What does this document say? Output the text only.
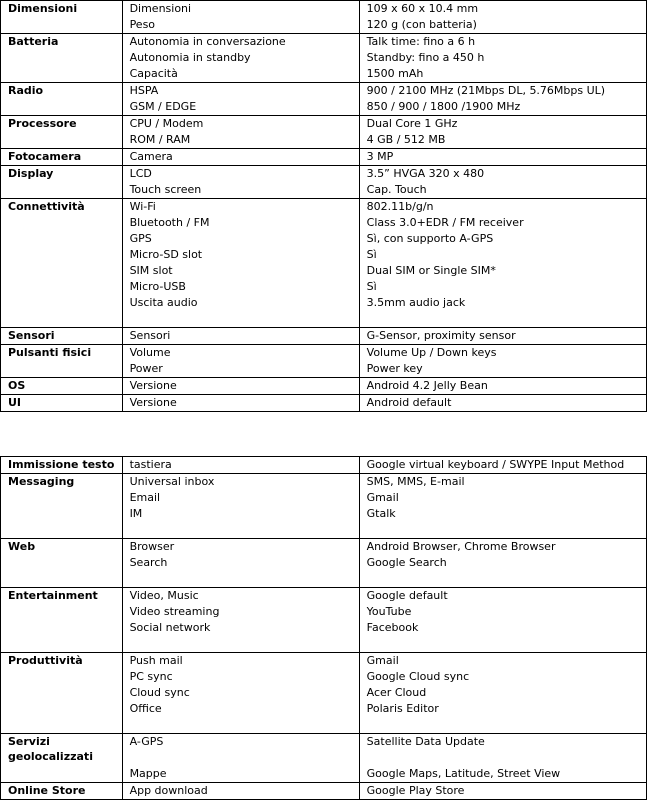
Dimensioni	Dimensioni	109 x 60 x 10.4 mm
	Peso	120 g (con batteria)
Batteria	Autonomia in conversazione	Talk time: fino a 6 h
	Autonomia in standby	Standby: fino a 450 h
	Capacità	1500 mAh
Radio	HSPA	900 / 2100 MHz (21Mbps DL, 5.76Mbps UL)
	GSM / EDGE	850 / 900 / 1800 /1900 MHz
Processore	CPU / Modem	Dual Core 1 GHz
	ROM / RAM	4 GB / 512 MB
Fotocamera	Camera	3 MP
Display	LCD	3.5” HVGA 320 x 480
	Touch screen	Cap. Touch
Connettività	Wi-Fi	802.11b/g/n
	Bluetooth / FM	Class 3.0+EDR / FM receiver
	GPS	Sì, con supporto A-GPS
	Micro-SD slot	Sì
	SIM slot	Dual SIM or Single SIM*
	Micro-USB	Sì
	Uscita audio	3.5mm audio jack

Sensori	Sensori	G-Sensor, proximity sensor
Pulsanti fisici	Volume	Volume Up / Down keys
	Power	Power key
OS	Versione	Android 4.2 Jelly Bean
UI	Versione	Android default
Immissione testo	tastiera	Google virtual keyboard / SWYPE Input Method
Messaging	Universal inbox	SMS, MMS, E-mail
	Email	Gmail
	IM	Gtalk

Web	Browser	Android Browser, Chrome Browser
	Search	Google Search

Entertainment	Video, Music	Google default
	Video streaming	YouTube
	Social network	Facebook

Produttività	Push mail	Gmail
	PC sync	Google Cloud sync
	Cloud sync	Acer Cloud
	Office	Polaris Editor

Servizi geolocalizzati	A-GPS	Satellite Data Update

	Mappe	Google Maps, Latitude, Street View
Online Store	App download	Google Play Store
